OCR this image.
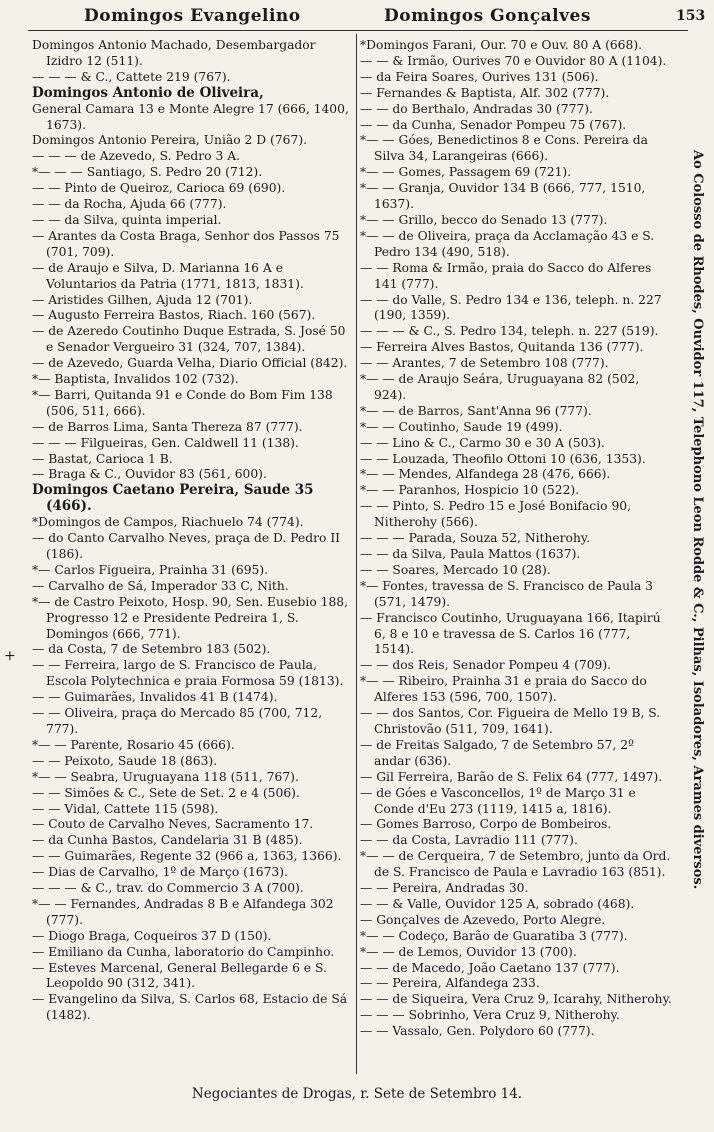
Domingos Evangelino	Domingos Gonçalves	153
+
Domingos Antonio Machado, Desembargador Izidro 12 (511).
— — — & C., Cattete 219 (767).
Domingos Antonio de Oliveira,
General Camara 13 e Monte Alegre 17 (666, 1400, 1673).
Domingos Antonio Pereira, União 2 D (767).
— — — de Azevedo, S. Pedro 3 A.
*— — — Santiago, S. Pedro 20 (712).
— — Pinto de Queiroz, Carioca 69 (690).
— — da Rocha, Ajuda 66 (777).
— — da Silva, quinta imperial.
— Arantes da Costa Braga, Senhor dos Passos 75 (701, 709).
— de Araujo e Silva, D. Marianna 16 A e Voluntarios da Patria (1771, 1813, 1831).
— Aristides Gilhen, Ajuda 12 (701).
— Augusto Ferreira Bastos, Riach. 160 (567).
— de Azeredo Coutinho Duque Estrada, S. José 50 e Senador Vergueiro 31 (324, 707, 1384).
— de Azevedo, Guarda Velha, Diario Official (842).
*— Baptista, Invalidos 102 (732).
*— Barri, Quitanda 91 e Conde do Bom Fim 138 (506, 511, 666).
— de Barros Lima, Santa Thereza 87 (777).
— — — Filgueiras, Gen. Caldwell 11 (138).
— Bastat, Carioca 1 B.
— Braga & C., Ouvidor 83 (561, 600).
Domingos Caetano Pereira, Saude 35 (466).
*Domingos de Campos, Riachuelo 74 (774).
— do Canto Carvalho Neves, praça de D. Pedro II (186).
*— Carlos Figueira, Prainha 31 (695).
— Carvalho de Sá, Imperador 33 C, Nith.
*— de Castro Peixoto, Hosp. 90, Sen. Eusebio 188, Progresso 12 e Presidente Pedreira 1, S. Domingos (666, 771).
— da Costa, 7 de Setembro 183 (502).
— — Ferreira, largo de S. Francisco de Paula, Escola Polytechnica e praia Formosa 59 (1813).
— — Guimarães, Invalidos 41 B (1474).
— — Oliveira, praça do Mercado 85 (700, 712, 777).
*— — Parente, Rosario 45 (666).
— — Peixoto, Saude 18 (863).
*— — Seabra, Uruguayana 118 (511, 767).
— — Simões & C., Sete de Set. 2 e 4 (506).
— — Vidal, Cattete 115 (598).
— Couto de Carvalho Neves, Sacramento 17.
— da Cunha Bastos, Candelaria 31 B (485).
— — Guimarães, Regente 32 (966 a, 1363, 1366).
— Dias de Carvalho, 1º de Março (1673).
— — — & C., trav. do Commercio 3 A (700).
*— — Fernandes, Andradas 8 B e Alfandega 302 (777).
— Diogo Braga, Coqueiros 37 D (150).
— Emiliano da Cunha, laboratorio do Campinho.
— Esteves Marcenal, General Bellegarde 6 e S. Leopoldo 90 (312, 341).
— Evangelino da Silva, S. Carlos 68, Estacio de Sá (1482).
*Domingos Farani, Our. 70 e Ouv. 80 A (668).
— — & Irmão, Ourives 70 e Ouvidor 80 A (1104).
— da Feira Soares, Ourives 131 (506).
— Fernandes & Baptista, Alf. 302 (777).
— — do Berthalo, Andradas 30 (777).
— — da Cunha, Senador Pompeu 75 (767).
*— — Góes, Benedictinos 8 e Cons. Pereira da Silva 34, Larangeiras (666).
*— — Gomes, Passagem 69 (721).
*— — Granja, Ouvidor 134 B (666, 777, 1510, 1637).
*— — Grillo, becco do Senado 13 (777).
*— — de Oliveira, praça da Acclamação 43 e S. Pedro 134 (490, 518).
— — Roma & Irmão, praia do Sacco do Alferes 141 (777).
— — do Valle, S. Pedro 134 e 136, teleph. n. 227 (190, 1359).
— — — & C., S. Pedro 134, teleph. n. 227 (519).
— Ferreira Alves Bastos, Quitanda 136 (777).
— — Arantes, 7 de Setembro 108 (777).
*— — de Araujo Seára, Uruguayana 82 (502, 924).
*— — de Barros, Sant'Anna 96 (777).
*— — Coutinho, Saude 19 (499).
— — Lino & C., Carmo 30 e 30 A (503).
— — Louzada, Theofilo Ottoni 10 (636, 1353).
*— — Mendes, Alfandega 28 (476, 666).
*— — Paranhos, Hospicio 10 (522).
— — Pinto, S. Pedro 15 e José Bonifacio 90, Nitherohy (566).
— — — Parada, Souza 52, Nitherohy.
— — da Silva, Paula Mattos (1637).
— — Soares, Mercado 10 (28).
*— Fontes, travessa de S. Francisco de Paula 3 (571, 1479).
— Francisco Coutinho, Uruguayana 166, Itapirú 6, 8 e 10 e travessa de S. Carlos 16 (777, 1514).
— — dos Reis, Senador Pompeu 4 (709).
*— — Ribeiro, Prainha 31 e praia do Sacco do Alferes 153 (596, 700, 1507).
— — dos Santos, Cor. Figueira de Mello 19 B, S. Christovão (511, 709, 1641).
— de Freitas Salgado, 7 de Setembro 57, 2º andar (636).
— Gil Ferreira, Barão de S. Felix 64 (777, 1497).
— de Góes e Vasconcellos, 1º de Março 31 e Conde d'Eu 273 (1119, 1415 a, 1816).
— Gomes Barroso, Corpo de Bombeiros.
— — da Costa, Lavradio 111 (777).
*— — de Cerqueira, 7 de Setembro, junto da Ord. de S. Francisco de Paula e Lavradio 163 (851).
— — Pereira, Andradas 30.
— — & Valle, Ouvidor 125 A, sobrado (468).
— Gonçalves de Azevedo, Porto Alegre.
*— — Codeço, Barão de Guaratiba 3 (777).
*— — de Lemos, Ouvidor 13 (700).
— — de Macedo, João Caetano 137 (777).
— — Pereira, Alfandega 233.
— — de Siqueira, Vera Cruz 9, Icarahy, Nitherohy.
— — — Sobrinho, Vera Cruz 9, Nitherohy.
— — Vassalo, Gen. Polydoro 60 (777).
Ao Colosso de Rhodes, Ouvidor 117, Telephono Leon Rodde & C., Pilhas, Isoladores, Arames diversos.
Negociantes de Drogas, r. Sete de Setembro 14.
